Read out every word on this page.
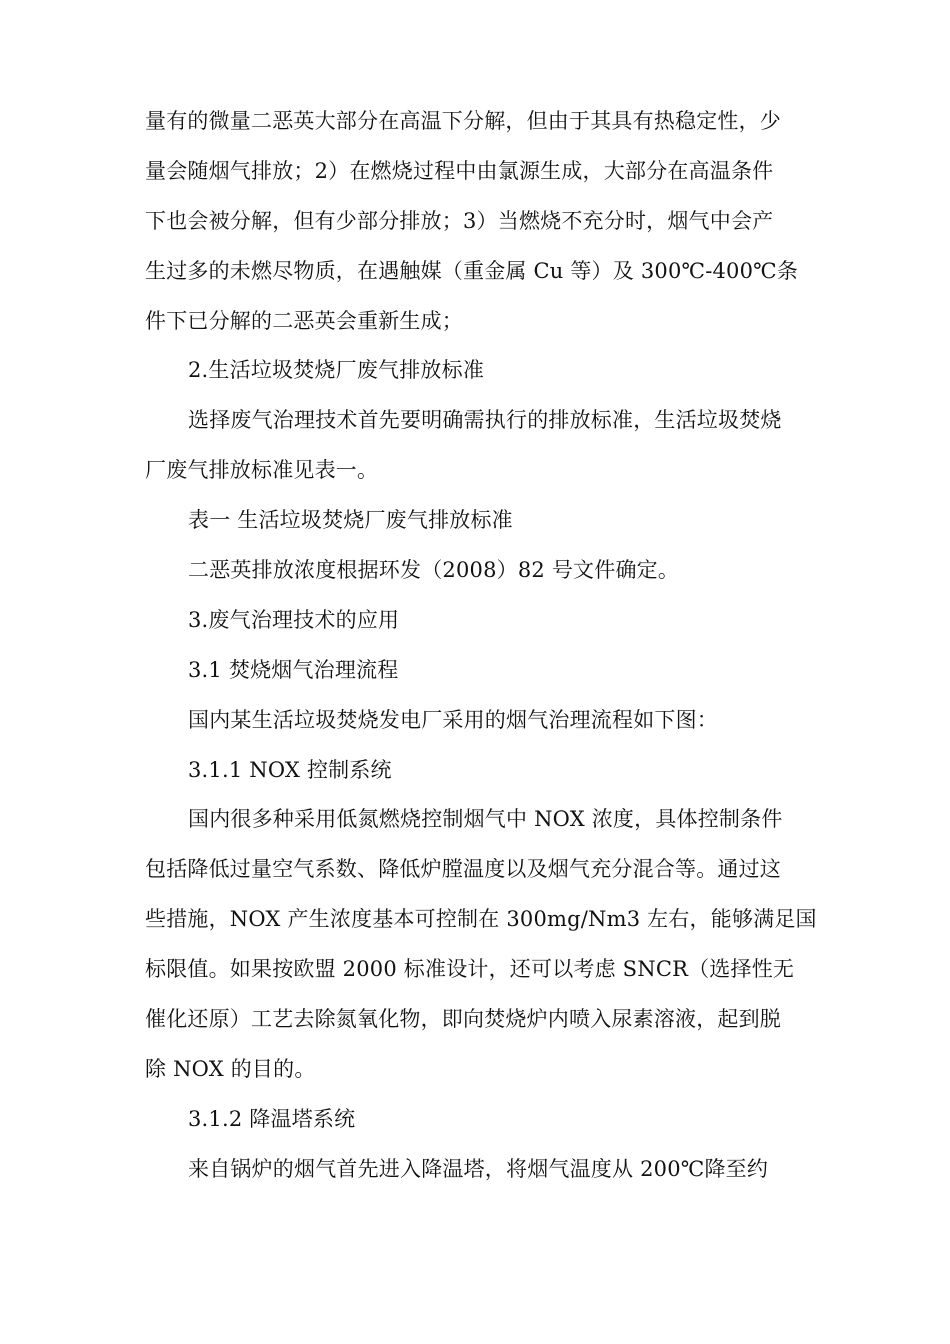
量有的微量二恶英大部分在高温下分解，但由于其具有热稳定性，少
量会随烟气排放；2）在燃烧过程中由氯源生成，大部分在高温条件
下也会被分解，但有少部分排放；3）当燃烧不充分时，烟气中会产
生过多的未燃尽物质，在遇触媒（重金属 Cu 等）及 300℃-400℃条
件下已分解的二恶英会重新生成；
2.生活垃圾焚烧厂废气排放标准
选择废气治理技术首先要明确需执行的排放标准，生活垃圾焚烧
厂废气排放标准见表一。
表一 生活垃圾焚烧厂废气排放标准
二恶英排放浓度根据环发（2008）82 号文件确定。
3.废气治理技术的应用
3.1 焚烧烟气治理流程
国内某生活垃圾焚烧发电厂采用的烟气治理流程如下图：
3.1.1 NOX 控制系统
国内很多种采用低氮燃烧控制烟气中 NOX 浓度，具体控制条件
包括降低过量空气系数、降低炉膛温度以及烟气充分混合等。通过这
些措施，NOX 产生浓度基本可控制在 300mg/Nm3 左右，能够满足国
标限值。如果按欧盟 2000 标准设计，还可以考虑 SNCR（选择性无
催化还原）工艺去除氮氧化物，即向焚烧炉内喷入尿素溶液，起到脱
除 NOX 的目的。
3.1.2 降温塔系统
来自锅炉的烟气首先进入降温塔，将烟气温度从 200℃降至约
